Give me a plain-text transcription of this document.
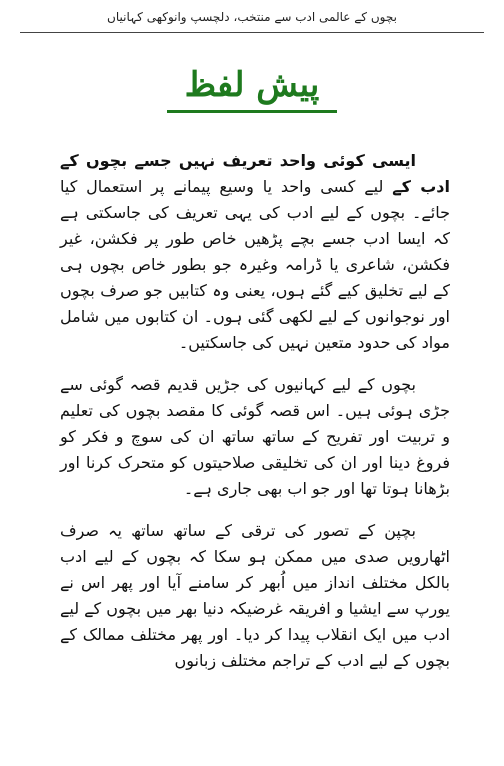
بچوں کے عالمی ادب سے منتخب، دلچسپ وانوکھی کہانیاں
پیش لفظ

ایسی کوئی واحد تعریف نہیں جسے بچوں کے ادب کے لیے کسی واحد یا وسیع پیمانے پر استعمال کیا جائے۔ بچوں کے لیے ادب کی یہی تعریف کی جاسکتی ہے کہ ایسا ادب جسے بچے پڑھیں خاص طور پر فکشن، غیر فکشن، شاعری یا ڈرامہ وغیرہ جو بطور خاص بچوں ہی کے لیے تخلیق کیے گئے ہوں، یعنی وہ کتابیں جو صرف بچوں اور نوجوانوں کے لیے لکھی گئی ہوں۔ ان کتابوں میں شامل مواد کی حدود متعین نہیں کی جاسکتیں۔

بچوں کے لیے کہانیوں کی جڑیں قدیم قصہ گوئی سے جڑی ہوئی ہیں۔ اس قصہ گوئی کا مقصد بچوں کی تعلیم و تربیت اور تفریح کے ساتھ ساتھ ان کی سوچ و فکر کو فروغ دینا اور ان کی تخلیقی صلاحیتوں کو متحرک کرنا اور بڑھانا ہوتا تھا اور جو اب بھی جاری ہے۔

بچپن کے تصور کی ترقی کے ساتھ ساتھ یہ صرف اٹھارویں صدی میں ممکن ہو سکا کہ بچوں کے لیے ادب بالکل مختلف انداز میں اُبھر کر سامنے آیا اور پھر اس نے یورپ سے ایشیا و افریقہ غرضیکہ دنیا بھر میں بچوں کے لیے ادب میں ایک انقلاب پیدا کر دیا۔ اور پھر مختلف ممالک کے بچوں کے لیے ادب کے تراجم مختلف زبانوں
